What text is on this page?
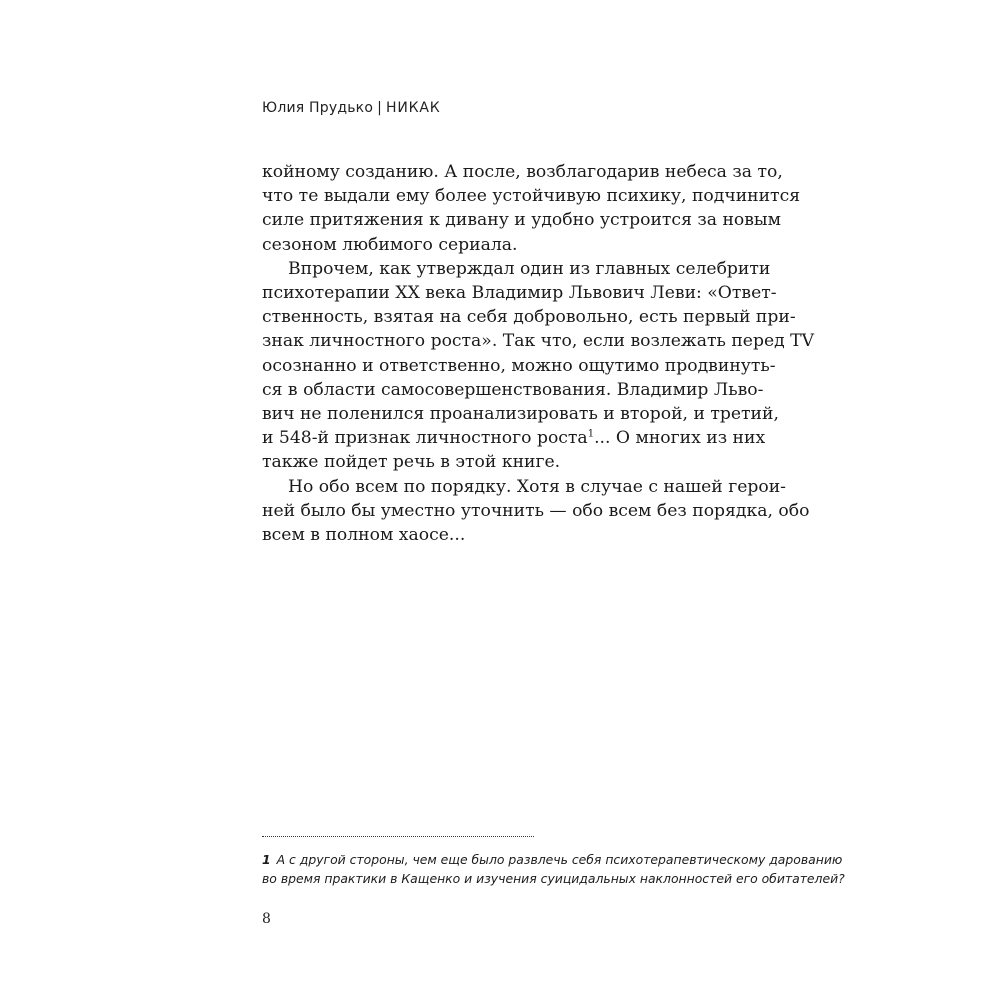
Юлия Прудько | НИКАК
койному созданию. А после, возблагодарив небеса за то,
что те выдали ему более устойчивую психику, подчинится
силе притяжения к дивану и удобно устроится за новым
сезоном любимого сериала.
Впрочем, как утверждал один из главных селебрити
психотерапии XX века Владимир Львович Леви: «Ответ-
ственность, взятая на себя добровольно, есть первый при-
знак личностного роста». Так что, если возлежать перед TV
осознанно и ответственно, можно ощутимо продвинуть-
ся в области самосовершенствования. Владимир Льво-
вич не поленился проанализировать и второй, и третий,
и 548-й признак личностного роста$^1$... О многих из них
также пойдет речь в этой книге.
Но обо всем по порядку. Хотя в случае с нашей герои-
ней было бы уместно уточнить — обо всем без порядка, обо
всем в полном хаосе...
1 А с другой стороны, чем еще было развлечь себя психотерапевтическому дарованию
во время практики в Кащенко и изучения суицидальных наклонностей его обитателей?
8
